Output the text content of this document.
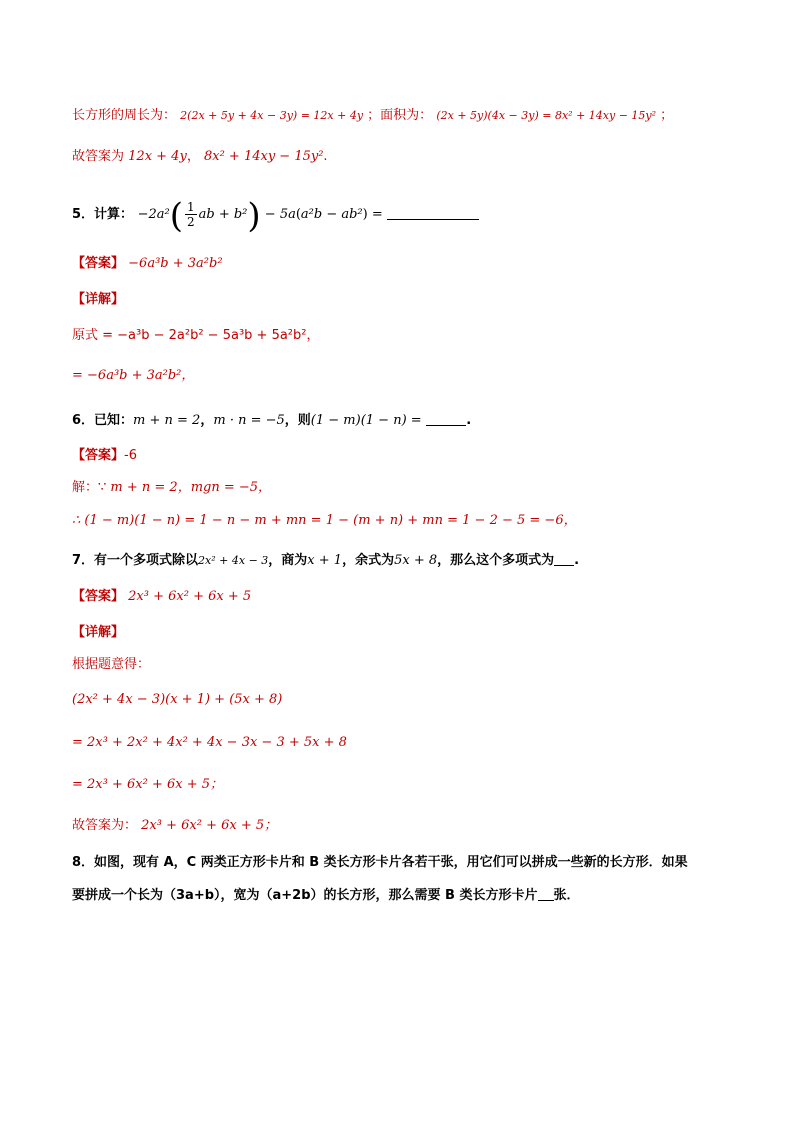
长方形的周长为： 2(2x + 5y + 4x − 3y) = 12x + 4y ；面积为： (2x + 5y)(4x − 3y) = 8x² + 14xy − 15y² ；
故答案为 12x + 4y， 8x² + 14xy − 15y².
5．计算： $-2a^2( \frac{1}{2}$ ab + b²) − 5a(a²b − ab²) =
【答案】 −6a³b + 3a²b²
【详解】
原式 = −a³b − 2a²b² − 5a³b + 5a²b²，
= −6a³b + 3a²b²，
6．已知：m + n = 2，m · n = −5，则(1 − m)(1 − n) =	.
【答案】-6
解：∵ m + n = 2，mgn = −5，
∴ (1 − m)(1 − n) = 1 − n − m + mn = 1 − (m + n) + mn = 1 − 2 − 5 = −6，
7．有一个多项式除以2x² + 4x − 3，商为x + 1，余式为5x + 8，那么这个多项式为 .
【答案】 2x³ + 6x² + 6x + 5
【详解】
根据题意得：
(2x² + 4x − 3)(x + 1) + (5x + 8)
= 2x³ + 2x² + 4x² + 4x − 3x − 3 + 5x + 8
= 2x³ + 6x² + 6x + 5；
故答案为： 2x³ + 6x² + 6x + 5；
8．如图，现有 A，C 两类正方形卡片和 B 类长方形卡片各若干张，用它们可以拼成一些新的长方形．如果
要拼成一个长为（3a+b），宽为（a+2b）的长方形，那么需要 B 类长方形卡片 张．
